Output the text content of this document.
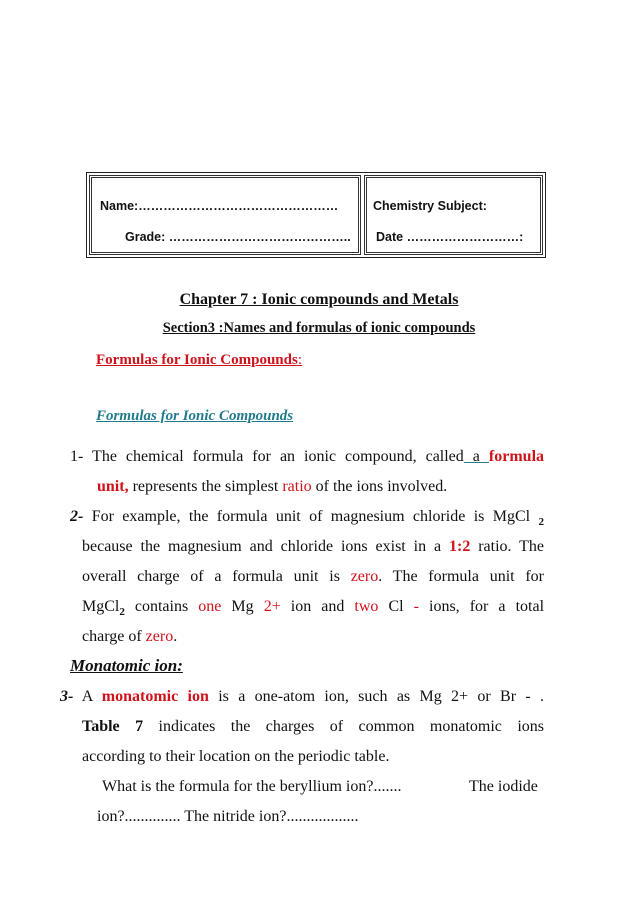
Name:…………………………………………
Grade: ……………………………………..
Chemistry Subject:
Date ………………………:
Chapter 7 : Ionic compounds and Metals
Section3 :Names and formulas of ionic compounds
Formulas for Ionic Compounds:
Formulas for Ionic Compounds
1- The chemical formula for an ionic compound, called a formula
unit, represents the simplest ratio of the ions involved.
2- For example, the formula unit of magnesium chloride is MgCl $_2$
because the magnesium and chloride ions exist in a 1:2 ratio. The
overall charge of a formula unit is zero. The formula unit for
MgCl$_2$ contains one Mg 2+ ion and two Cl - ions, for a total
charge of zero.
Monatomic ion:
3- A monatomic ion is a one-atom ion, such as Mg 2+ or Br - .
Table 7 indicates the charges of common monatomic ions
according to their location on the periodic table.
What is the formula for the beryllium ion?.......	The iodide
ion?.............. The nitride ion?..................
